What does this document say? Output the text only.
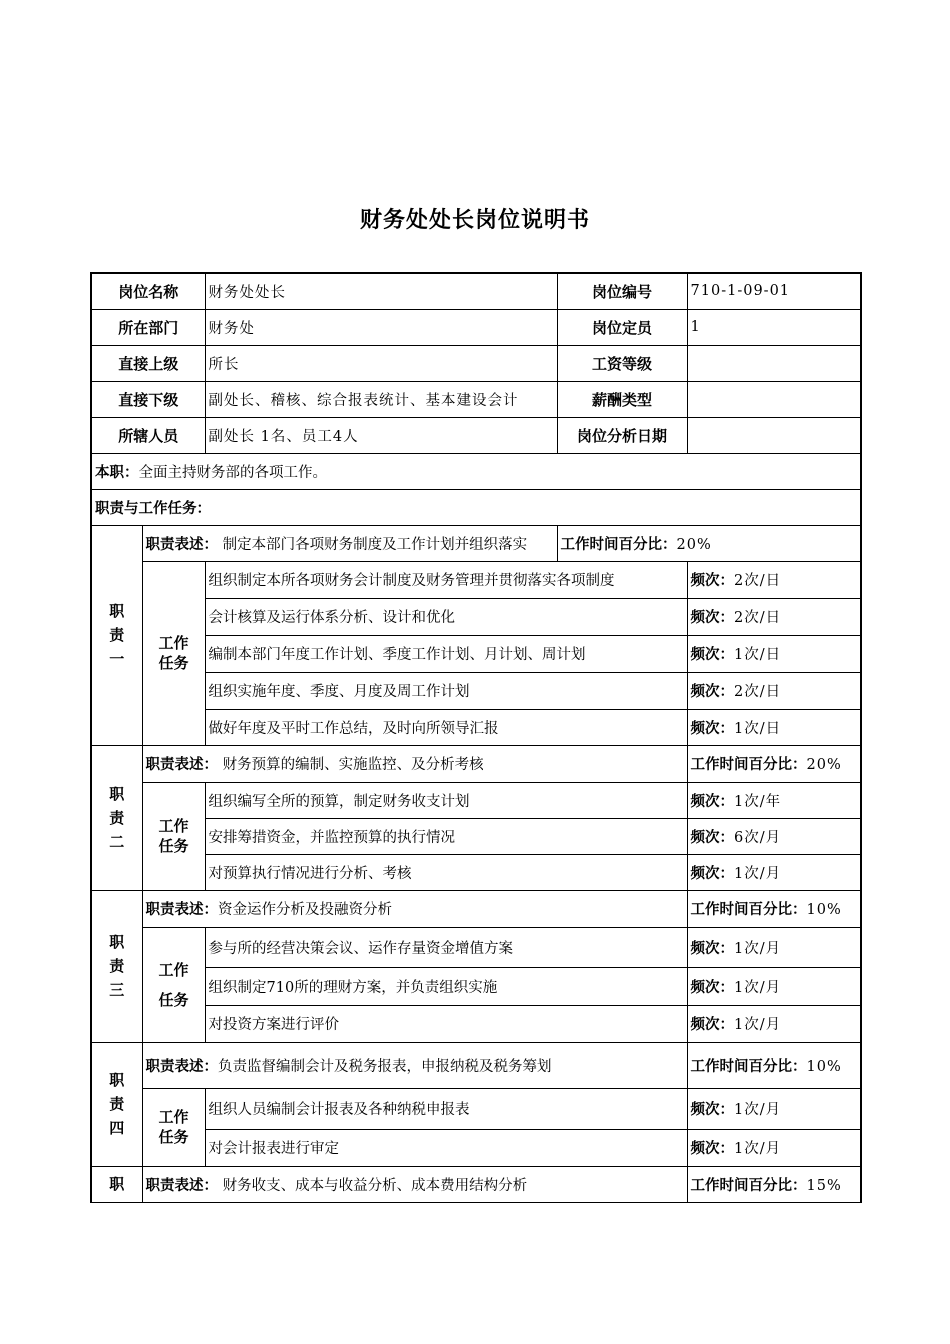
财务处处长岗位说明书
岗位名称		财务处处长	岗位编号	710-1-09-01
所在部门		财务处	岗位定员	1
直接上级		所长	工资等级	
直接下级		副处长、稽核、综合报表统计、基本建设会计	薪酬类型	
所辖人员		副处长 1名、员工4人	岗位分析日期	
本职：全面主持财务部的各项工作。				
职责与工作任务：				
职责一	职责表述： 制定本部门各项财务制度及工作计划并组织落实		工作时间百分比：20%	
	工作任务	组织制定本所各项财务会计制度及财务管理并贯彻落实各项制度		频次：2次/日
		会计核算及运行体系分析、设计和优化		频次：2次/日
		编制本部门年度工作计划、季度工作计划、月计划、周计划		频次：1次/日
		组织实施年度、季度、月度及周工作计划		频次：2次/日
		做好年度及平时工作总结，及时向所领导汇报		频次：1次/日
职责二	职责表述： 财务预算的编制、实施监控、及分析考核			工作时间百分比：20%
	工作任务	组织编写全所的预算，制定财务收支计划		频次：1次/年
		安排筹措资金，并监控预算的执行情况		频次：6次/月
		对预算执行情况进行分析、考核		频次：1次/月
职责三	职责表述：资金运作分析及投融资分析			工作时间百分比：10%
	工作任务	参与所的经营决策会议、运作存量资金增值方案		频次：1次/月
		组织制定710所的理财方案，并负责组织实施		频次：1次/月
		对投资方案进行评价		频次：1次/月
职责四	职责表述：负责监督编制会计及税务报表，申报纳税及税务筹划			工作时间百分比：10%
	工作任务	组织人员编制会计报表及各种纳税申报表		频次：1次/月
		对会计报表进行审定		频次：1次/月
职	职责表述： 财务收支、成本与收益分析、成本费用结构分析			工作时间百分比：15%
